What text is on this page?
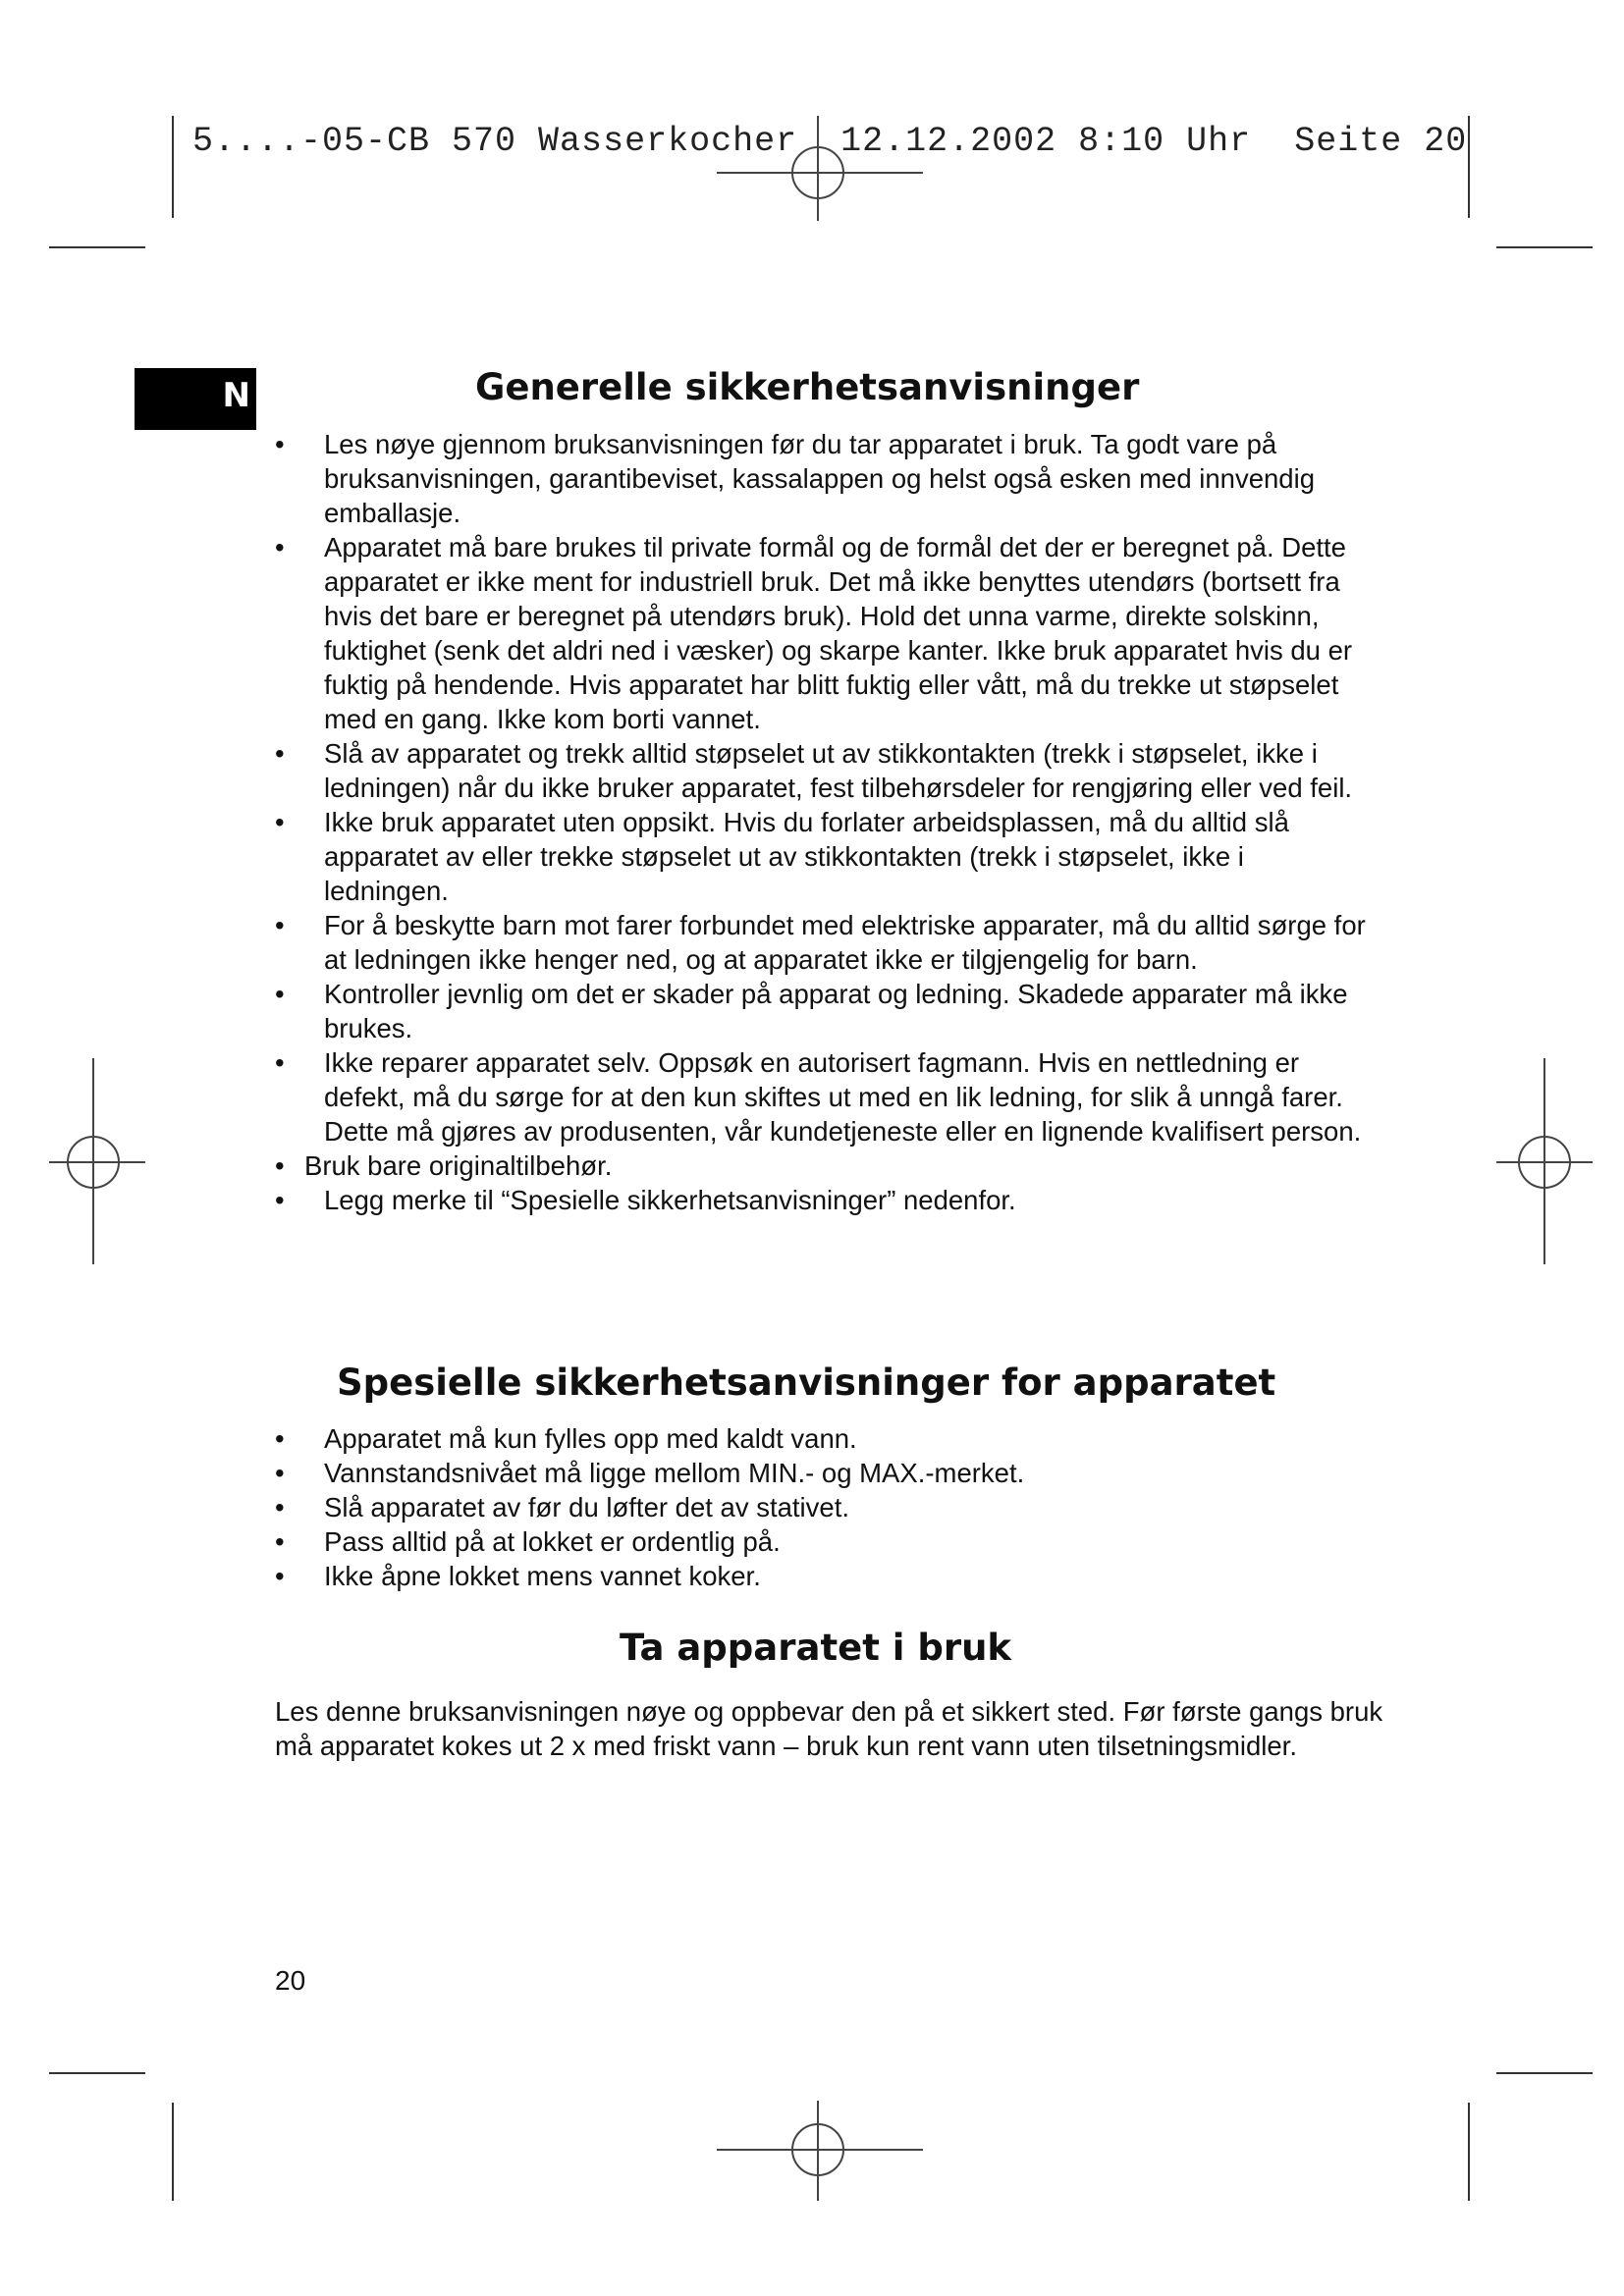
5....-05-CB 570 Wasserkocher 12.12.2002 8:10 Uhr Seite 20
N	Generelle sikkerhetsanvisninger
• Les nøye gjennom bruksanvisningen før du tar apparatet i bruk. Ta godt vare på bruksanvisningen, garantibeviset, kassalappen og helst også esken med innvendig emballasje.
• Apparatet må bare brukes til private formål og de formål det der er beregnet på. Dette apparatet er ikke ment for industriell bruk. Det må ikke benyttes utendørs (bortsett fra hvis det bare er beregnet på utendørs bruk). Hold det unna varme, direkte solskinn, fuktighet (senk det aldri ned i væsker) og skarpe kanter. Ikke bruk apparatet hvis du er fuktig på hendende. Hvis apparatet har blitt fuktig eller vått, må du trekke ut støpselet med en gang. Ikke kom borti vannet.
• Slå av apparatet og trekk alltid støpselet ut av stikkontakten (trekk i støpselet, ikke i ledningen) når du ikke bruker apparatet, fest tilbehørsdeler for rengjøring eller ved feil.
• Ikke bruk apparatet uten oppsikt. Hvis du forlater arbeidsplassen, må du alltid slå apparatet av eller trekke støpselet ut av stikkontakten (trekk i støpselet, ikke i ledningen.
• For å beskytte barn mot farer forbundet med elektriske apparater, må du alltid sørge for at ledningen ikke henger ned, og at apparatet ikke er tilgjengelig for barn.
• Kontroller jevnlig om det er skader på apparat og ledning. Skadede apparater må ikke brukes.
• Ikke reparer apparatet selv. Oppsøk en autorisert fagmann. Hvis en nettledning er defekt, må du sørge for at den kun skiftes ut med en lik ledning, for slik å unngå farer. Dette må gjøres av produsenten, vår kundetjeneste eller en lignende kvalifisert person.
• Bruk bare originaltilbehør.
• Legg merke til “Spesielle sikkerhetsanvisninger” nedenfor.
Spesielle sikkerhetsanvisninger for apparatet
• Apparatet må kun fylles opp med kaldt vann.
• Vannstandsnivået må ligge mellom MIN.- og MAX.-merket.
• Slå apparatet av før du løfter det av stativet.
• Pass alltid på at lokket er ordentlig på.
• Ikke åpne lokket mens vannet koker.
Ta apparatet i bruk

Les denne bruksanvisningen nøye og oppbevar den på et sikkert sted. Før første gangs bruk må apparatet kokes ut 2 x med friskt vann – bruk kun rent vann uten tilsetningsmidler.

20
